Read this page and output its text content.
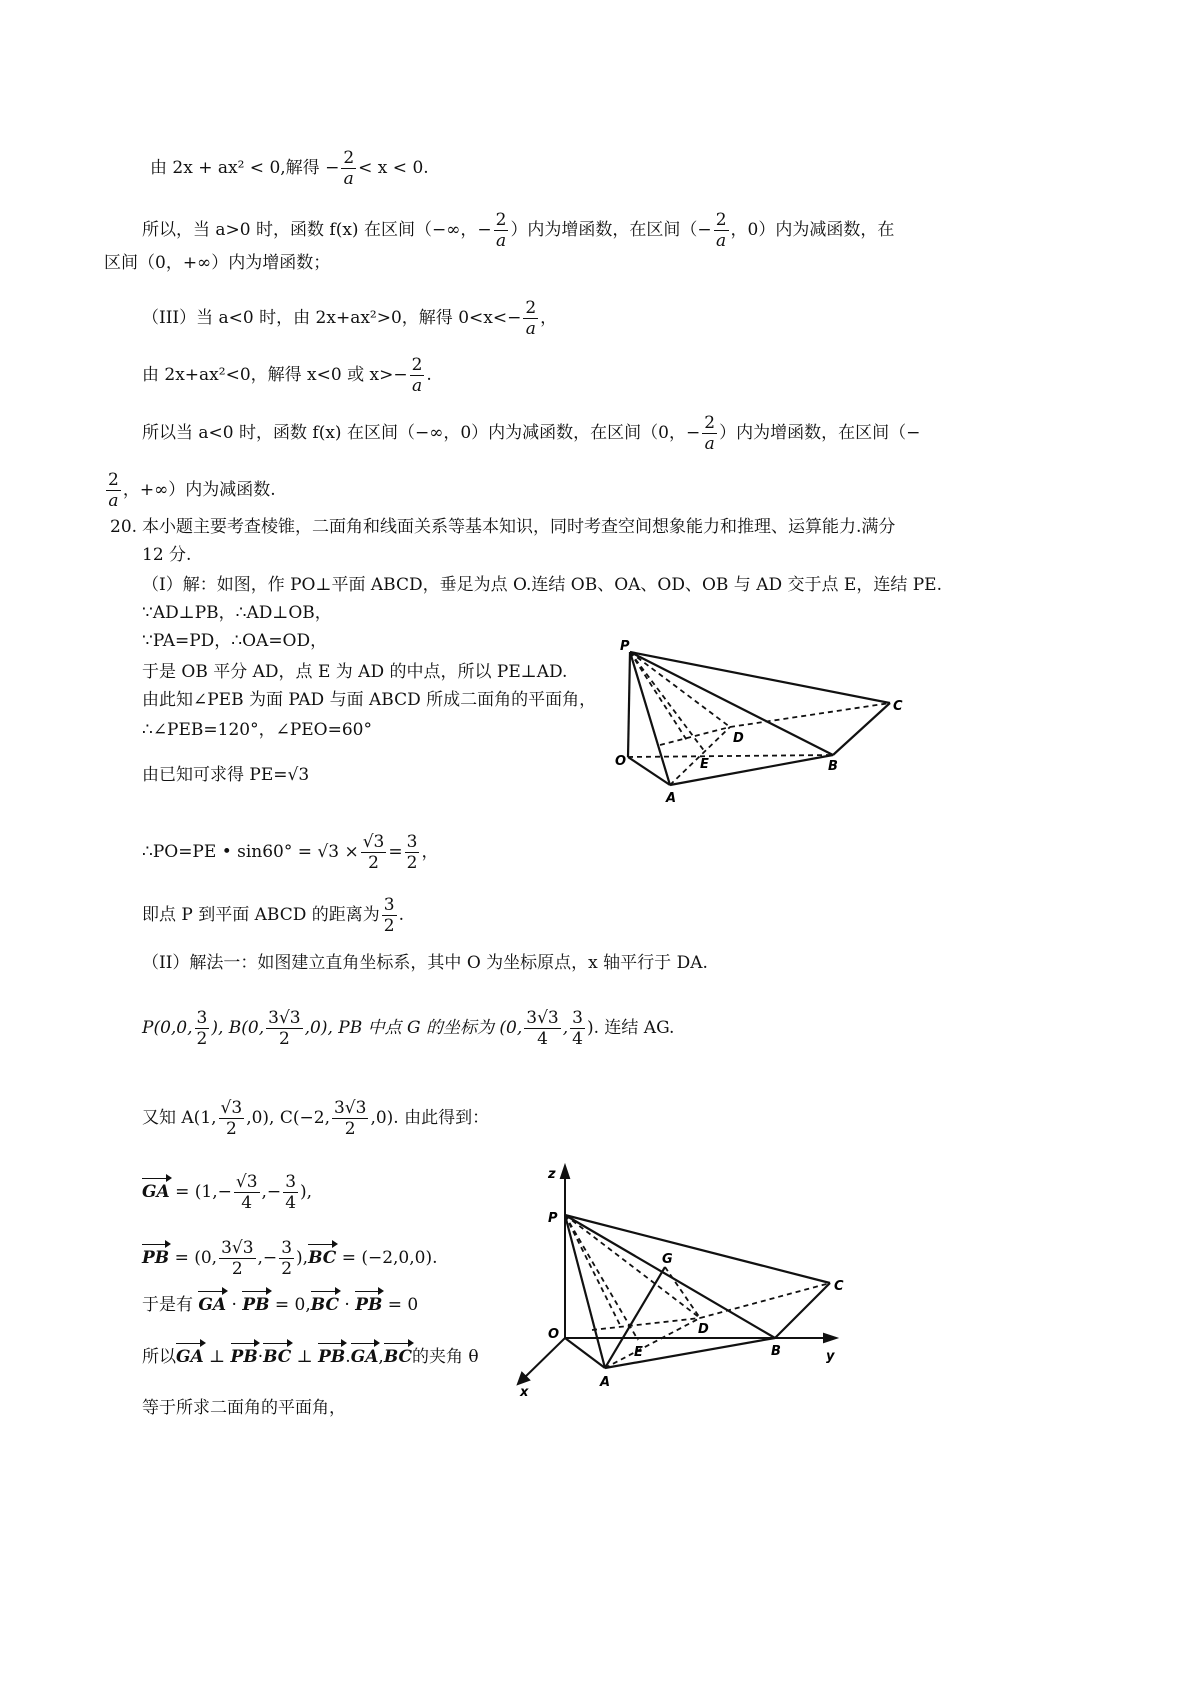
由 2x + ax² < 0,解得 − $\frac{2}{a} < x < 0$.
所以，当 a>0 时，函数 f(x) 在区间（−∞，− $\frac{2}{a}$ ）内为增函数，在区间（− $\frac{2}{a}$ ，0）内为减函数，在
区间（0，+∞）内为增函数；
（III）当 a<0 时，由 2x+ax²>0，解得 $0<x<- \frac{2}{a}$ ，
由 2x+ax²<0，解得 x<0 或 $x>- \frac{2}{a}$ .
所以当 a<0 时，函数 f(x) 在区间（−∞，0）内为减函数，在区间（0，− $\frac{2}{a}$ ）内为增函数，在区间（−
$\frac{2}{a}$ ，+∞）内为减函数.
20. 本小题主要考查棱锥，二面角和线面关系等基本知识，同时考查空间想象能力和推理、运算能力.满分
12 分.
（I）解：如图，作 PO⊥平面 ABCD，垂足为点 O.连结 OB、OA、OD、OB 与 AD 交于点 E，连结 PE.
∵AD⊥PB，∴AD⊥OB，
∵PA=PD，∴OA=OD，
于是 OB 平分 AD，点 E 为 AD 的中点，所以 PE⊥AD.
由此知∠PEB 为面 PAD 与面 ABCD 所成二面角的平面角，
∴∠PEB=120°，∠PEO=60°
由已知可求得 PE=√3
∴PO=PE • $\sin 60^\circ = √3 \times \frac{√3}{2} = \frac{3}{2}$ ，
即点 P 到平面 ABCD 的距离为 $\frac{3}{2}$ .
（II）解法一：如图建立直角坐标系，其中 O 为坐标原点，x 轴平行于 DA.
P(0,0, $\frac{3}{2}$ ), B(0, $\frac{3√3}{2} ,0$), PB 中点 G 的坐标为 (0, $\frac{3√3}{4}$ , $\frac{3}{4}$ ). 连结 AG.
又知 A(1, $\frac{√3}{2} ,0$), C(−2, $\frac{3√3}{2} ,0$). 由此得到：
GA = ($1,- \frac{√3}{4}$ ,− $\frac{3}{4}$ ),
PB = (0, $\frac{3√3}{2}$ ,− $\frac{3}{2} ),BC = (-2,0,0)$.
于是有 GA · PB = 0,BC · PB = 0
所以GA ⊥ PB·BC ⊥ PB.GA,BC的夹角 θ
等于所求二面角的平面角，
P
C
D
E
O	B
A
z
P
G
C
D
O
E	B	y
A
x
